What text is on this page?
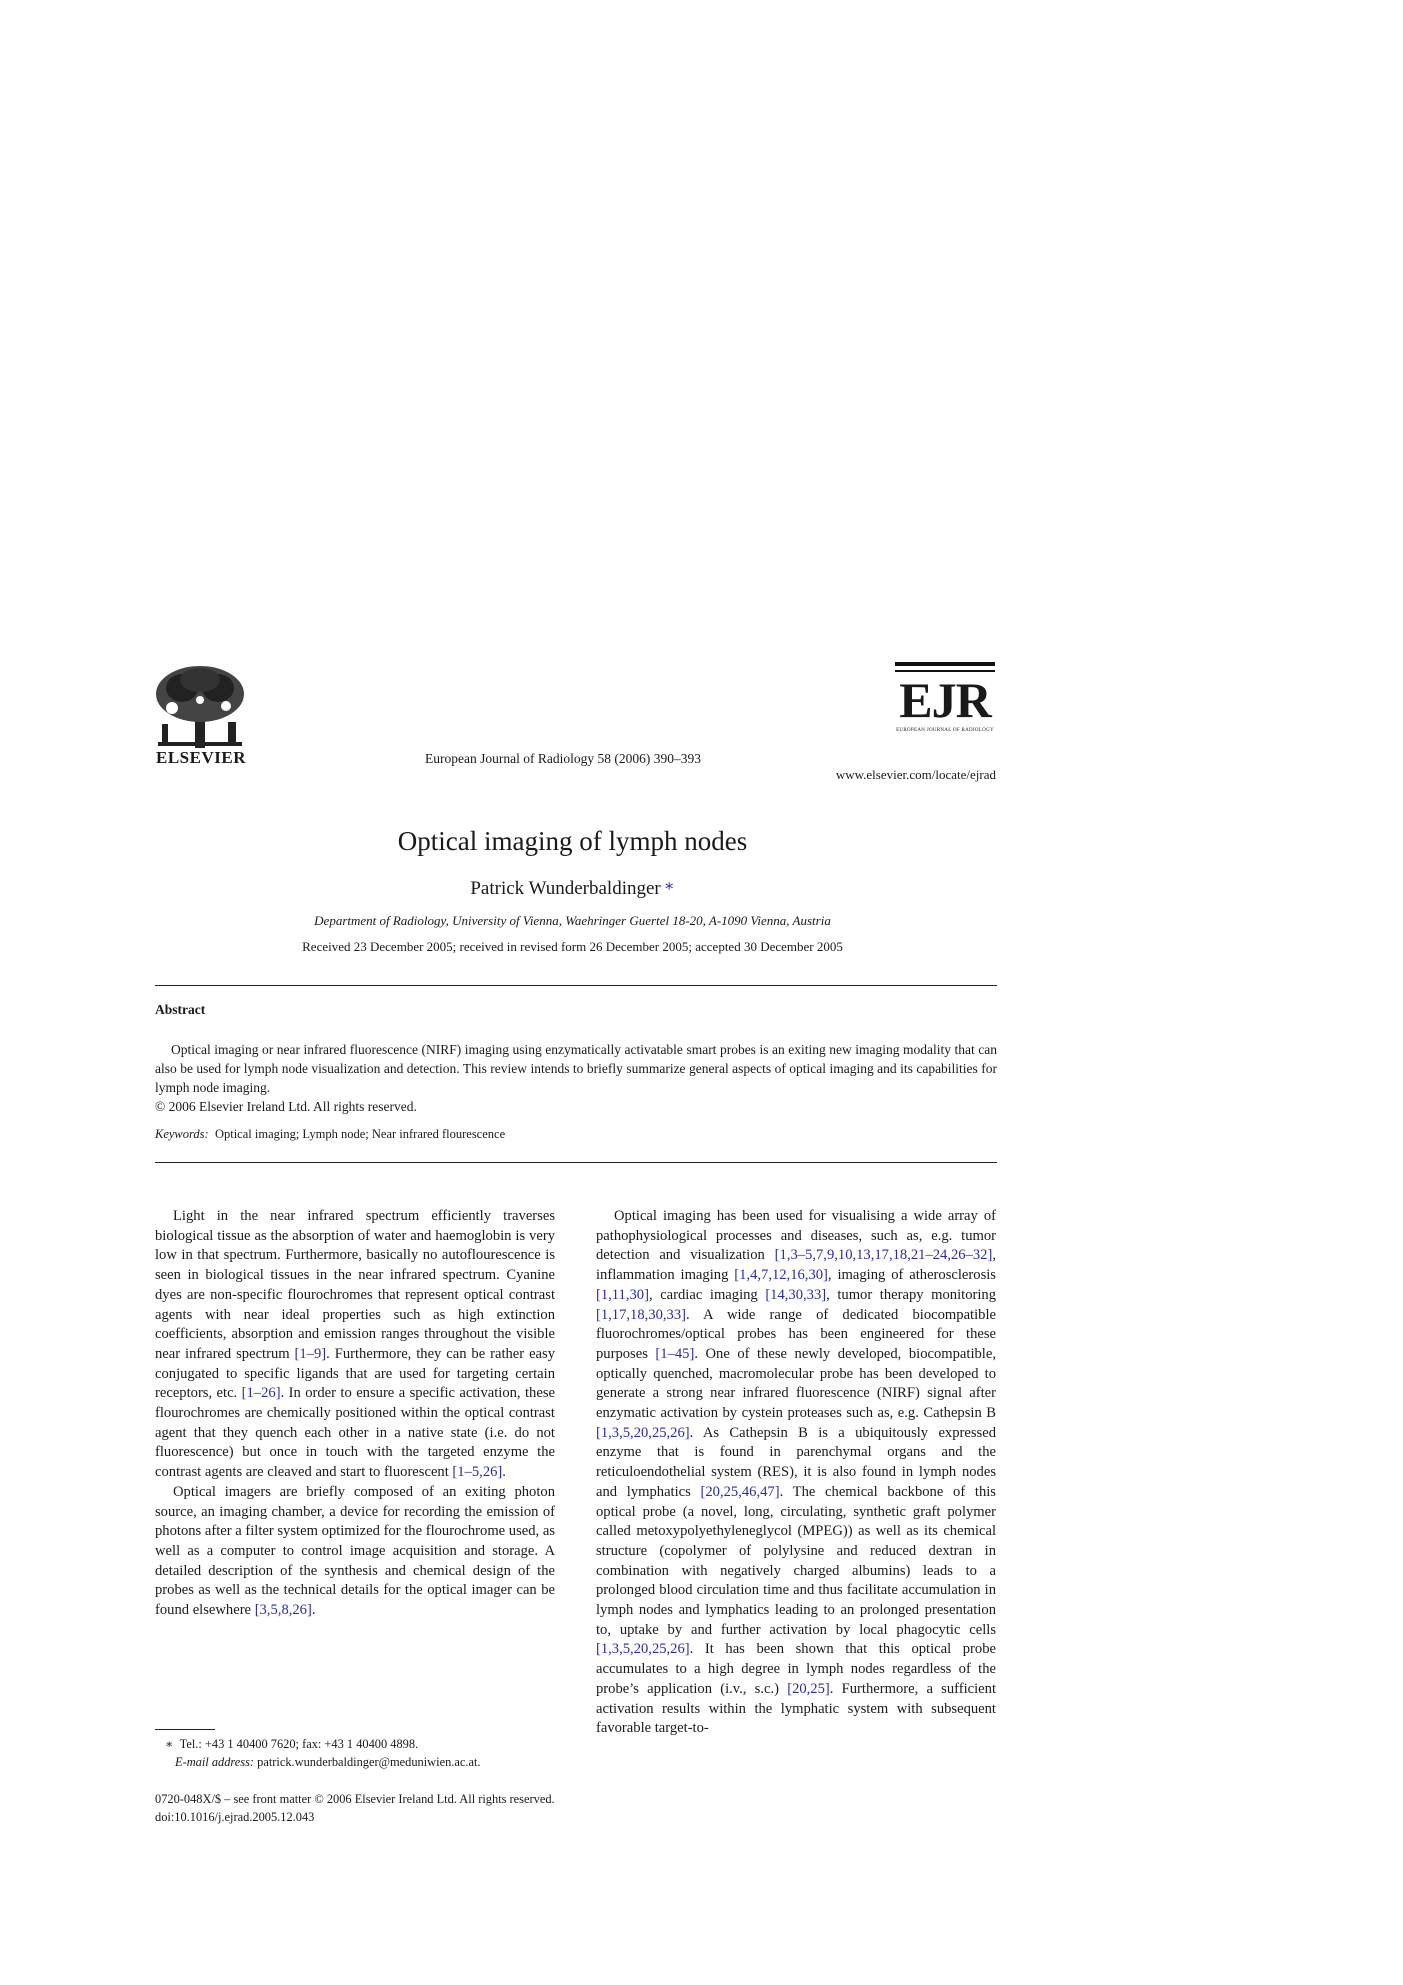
ELSEVIER	European Journal of Radiology 58 (2006) 390–393
EJR
EUROPEAN JOURNAL OF RADIOLOGY
www.elsevier.com/locate/ejrad
Optical imaging of lymph nodes
Patrick Wunderbaldinger ∗
Department of Radiology, University of Vienna, Waehringer Guertel 18-20, A-1090 Vienna, Austria
Received 23 December 2005; received in revised form 26 December 2005; accepted 30 December 2005
Abstract

Optical imaging or near infrared fluorescence (NIRF) imaging using enzymatically activatable smart probes is an exiting new imaging modality that can also be used for lymph node visualization and detection. This review intends to briefly summarize general aspects of optical imaging and its capabilities for lymph node imaging.

© 2006 Elsevier Ireland Ltd. All rights reserved.

Keywords: Optical imaging; Lymph node; Near infrared flourescence

Light in the near infrared spectrum efficiently traverses biological tissue as the absorption of water and haemoglobin is very low in that spectrum. Furthermore, basically no autoflourescence is seen in biological tissues in the near infrared spectrum. Cyanine dyes are non-specific flourochromes that represent optical contrast agents with near ideal properties such as high extinction coefficients, absorption and emission ranges throughout the visible near infrared spectrum [1–9]. Furthermore, they can be rather easy conjugated to specific ligands that are used for targeting certain receptors, etc. [1–26]. In order to ensure a specific activation, these flourochromes are chemically positioned within the optical contrast agent that they quench each other in a native state (i.e. do not fluorescence) but once in touch with the targeted enzyme the contrast agents are cleaved and start to fluorescent [1–5,26].

Optical imagers are briefly composed of an exiting photon source, an imaging chamber, a device for recording the emission of photons after a filter system optimized for the flourochrome used, as well as a computer to control image acquisition and storage. A detailed description of the synthesis and chemical design of the probes as well as the technical details for the optical imager can be found elsewhere [3,5,8,26].

Optical imaging has been used for visualising a wide array of pathophysiological processes and diseases, such as, e.g. tumor detection and visualization [1,3–5,7,9,10,13,17,18,21–24,26–32], inflammation imaging [1,4,7,12,16,30], imaging of atherosclerosis [1,11,30], cardiac imaging [14,30,33], tumor therapy monitoring [1,17,18,30,33]. A wide range of dedicated biocompatible fluorochromes/optical probes has been engineered for these purposes [1–45]. One of these newly developed, biocompatible, optically quenched, macromolecular probe has been developed to generate a strong near infrared fluorescence (NIRF) signal after enzymatic activation by cystein proteases such as, e.g. Cathepsin B [1,3,5,20,25,26]. As Cathepsin B is a ubiquitously expressed enzyme that is found in parenchymal organs and the reticuloendothelial system (RES), it is also found in lymph nodes and lymphatics [20,25,46,47]. The chemical backbone of this optical probe (a novel, long, circulating, synthetic graft polymer called metoxypolyethyleneglycol (MPEG)) as well as its chemical structure (copolymer of polylysine and reduced dextran in combination with negatively charged albumins) leads to a prolonged blood circulation time and thus facilitate accumulation in lymph nodes and lymphatics leading to an prolonged presentation to, uptake by and further activation by local phagocytic cells [1,3,5,20,25,26]. It has been shown that this optical probe accumulates to a high degree in lymph nodes regardless of the probe’s application (i.v., s.c.) [20,25]. Furthermore, a sufficient activation results within the lymphatic system with subsequent favorable target-to-

∗ Tel.: +43 1 40400 7620; fax: +43 1 40400 4898.
E-mail address: patrick.wunderbaldinger@meduniwien.ac.at.
0720-048X/$ – see front matter © 2006 Elsevier Ireland Ltd. All rights reserved.
doi:10.1016/j.ejrad.2005.12.043
